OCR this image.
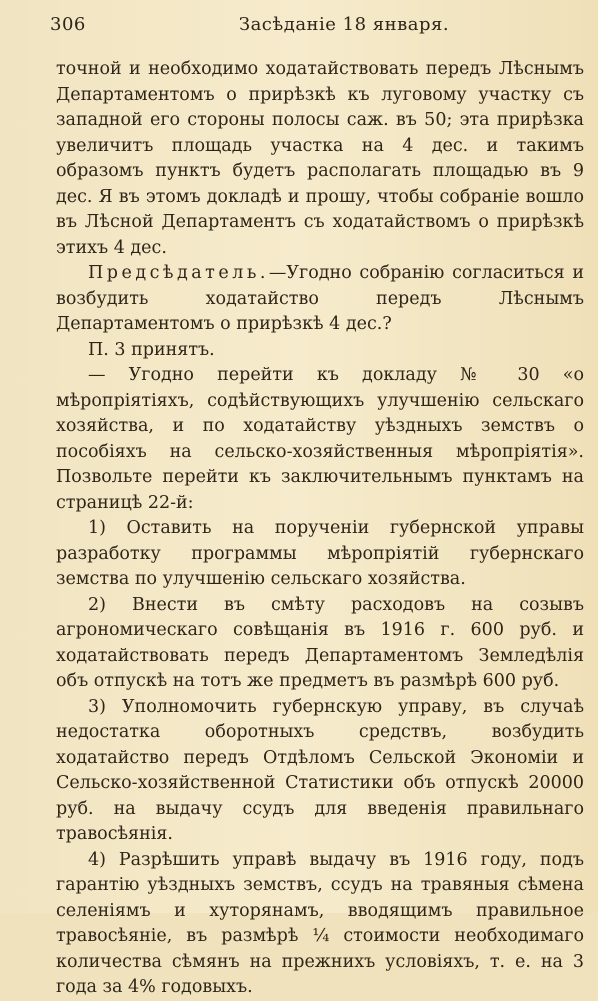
306	Засѣданіе 18 января.

точной и необходимо ходатайствовать передъ Лѣснымъ Департаментомъ о прирѣзкѣ къ луговому участку съ западной его стороны полосы саж. въ 50; эта прирѣзка увеличитъ площадь участка на 4 дес. и такимъ образомъ пунктъ будетъ располагать площадью въ 9 дес. Я въ этомъ докладѣ и прошу, чтобы собраніе вошло въ Лѣсной Департаментъ съ ходатайствомъ о прирѣзкѣ этихъ 4 дес.

Предсѣдатель.—Угодно собранію согласиться и возбудить ходатайство передъ Лѣснымъ Департаментомъ о прирѣзкѣ 4 дес.?

П. 3 принятъ.

— Угодно перейти къ докладу № 30 «о мѣропріятіяхъ, содѣйствующихъ улучшенію сельскаго хозяйства, и по ходатайству уѣздныхъ земствъ о пособіяхъ на сельско-хозяйственныя мѣропріятія». Позвольте перейти къ заключительнымъ пунктамъ на страницѣ 22-й:

1) Оставить на порученіи губернской управы разработку программы мѣропріятій губернскаго земства по улучшенію сельскаго хозяйства.

2) Внести въ смѣту расходовъ на созывъ агрономическаго совѣщанія въ 1916 г. 600 руб. и ходатайствовать передъ Департаментомъ Земледѣлія объ отпускѣ на тотъ же предметъ въ размѣрѣ 600 руб.

3) Уполномочить губернскую управу, въ случаѣ недостатка оборотныхъ средствъ, возбудить ходатайство передъ Отдѣломъ Сельской Экономіи и Сельско-хозяйственной Статистики объ отпускѣ 20000 руб. на выдачу ссудъ для введенія правильнаго травосѣянія.

4) Разрѣшить управѣ выдачу въ 1916 году, подъ гарантію уѣздныхъ земствъ, ссудъ на травяныя сѣмена селеніямъ и хуторянамъ, вводящимъ правильное травосѣяніе, въ размѣрѣ ¼ стоимости необходимаго количества сѣмянъ на прежнихъ условіяхъ, т. е. на 3 года за 4% годовыхъ.
